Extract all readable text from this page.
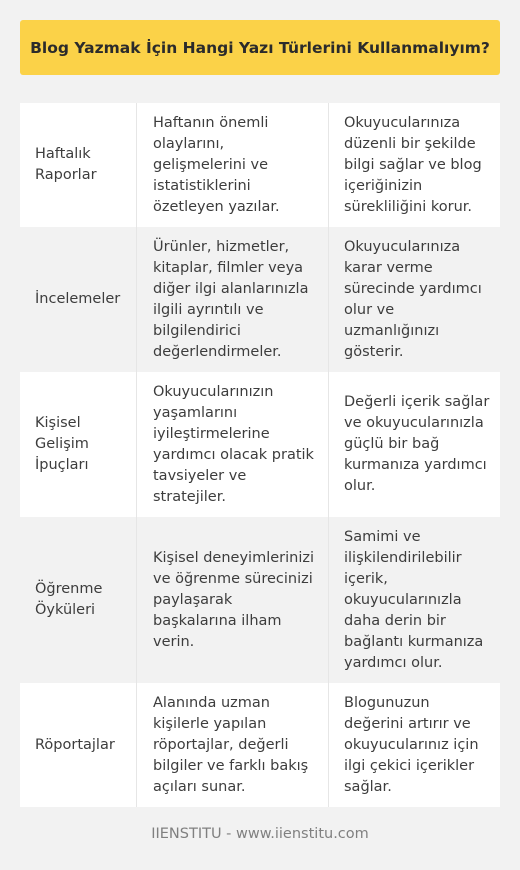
Blog Yazmak İçin Hangi Yazı Türlerini Kullanmalıyım?
Haftalık
Raporlar
Haftanın önemli
olaylarını,
gelişmelerini ve
istatistiklerini
özetleyen yazılar.
Okuyucularınıza
düzenli bir şekilde
bilgi sağlar ve blog
içeriğinizin
sürekliliğini korur.
İncelemeler
Ürünler, hizmetler,
kitaplar, filmler veya
diğer ilgi alanlarınızla
ilgili ayrıntılı ve
bilgilendirici
değerlendirmeler.
Okuyucularınıza
karar verme
sürecinde yardımcı
olur ve
uzmanlığınızı
gösterir.
Kişisel
Gelişim
İpuçları
Okuyucularınızın
yaşamlarını
iyileştirmelerine
yardımcı olacak pratik
tavsiyeler ve
stratejiler.
Değerli içerik sağlar
ve okuyucularınızla
güçlü bir bağ
kurmanıza yardımcı
olur.
Öğrenme
Öyküleri
Kişisel deneyimlerinizi
ve öğrenme sürecinizi
paylaşarak
başkalarına ilham
verin.
Samimi ve
ilişkilendirilebilir
içerik,
okuyucularınızla
daha derin bir
bağlantı kurmanıza
yardımcı olur.
Röportajlar
Alanında uzman
kişilerle yapılan
röportajlar, değerli
bilgiler ve farklı bakış
açıları sunar.
Blogunuzun
değerini artırır ve
okuyucularınız için
ilgi çekici içerikler
sağlar.
IIENSTITU - www.iienstitu.com
